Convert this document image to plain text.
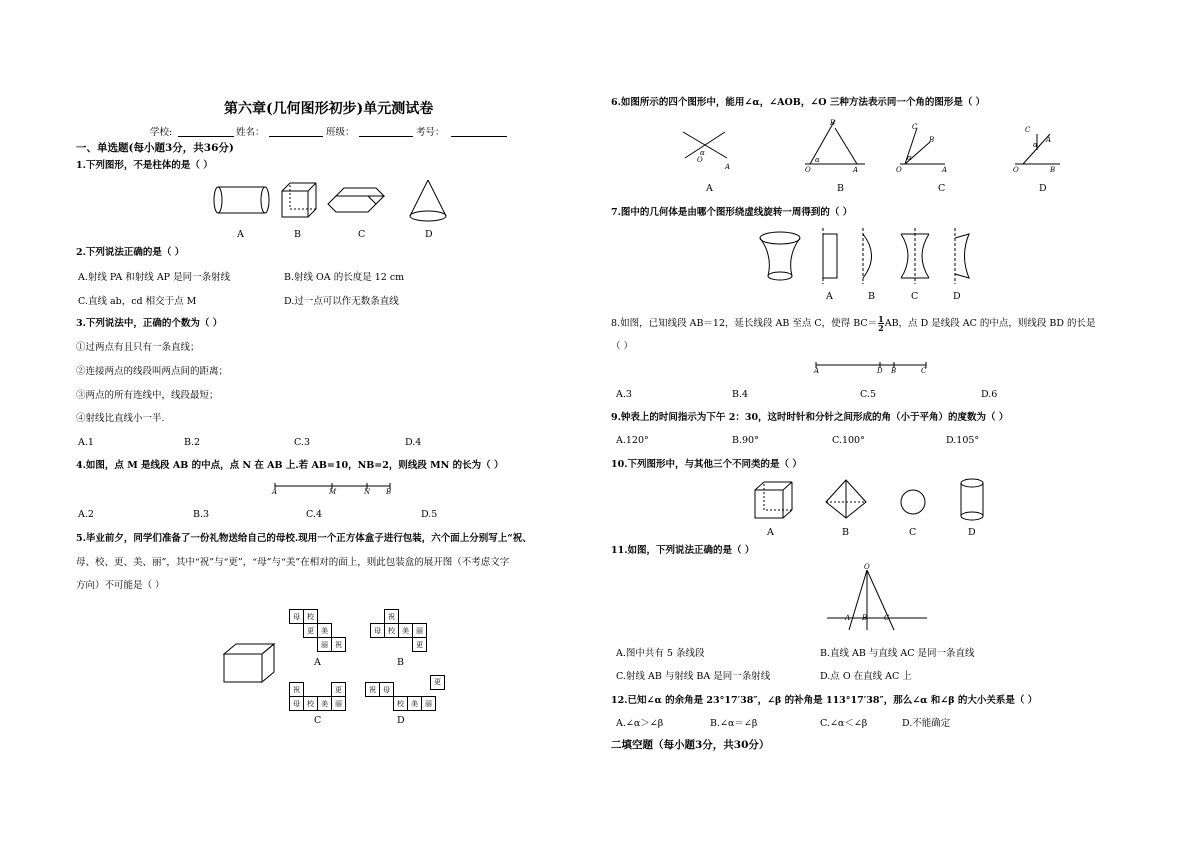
第六章(几何图形初步)单元测试卷
学校:	姓名：	班级：	考号：
一、单选题(每小题3分，共36分)
1.下列图形，不是柱体的是（ ）
A	B	C	D
2.下列说法正确的是（ ）
A.射线 PA 和射线 AP 是同一条射线	B.射线 OA 的长度是 12 cm
C.直线 ab，cd 相交于点 M	D.过一点可以作无数条直线
3.下列说法中，正确的个数为（ ）
①过两点有且只有一条直线；
②连接两点的线段叫两点间的距离；
③两点的所有连线中，线段最短；
④射线比直线小一半.
A.1	B.2	C.3	D.4
4.如图，点 M 是线段 AB 的中点，点 N 在 AB 上.若 AB=10，NB=2，则线段 MN 的长为（ ）
A	M	N B
A.2	B.3	C.4	D.5
5.毕业前夕，同学们准备了一份礼物送给自己的母校.现用一个正方体盒子进行包装，六个面上分别写上“祝、
母、校、更、美、丽”，其中“祝”与“更”，“母”与“美”在相对的面上，则此包装盒的展开图（不考虑文字
方向）不可能是（ ）
母	校		
	更	美	
		丽	祝
A
	祝		
母	校	美	丽
			更
B
祝			更
母	校	美	丽
C
祝	母			
		校	美	丽
更
D
6.如图所示的四个图形中，能用∠α，∠AOB，∠O 三种方法表示同一个角的图形是（ ）
α
O
A
B
α
O	A
C
B
α
O	A
C
A
α
O	B
A	B	C	D
7.图中的几何体是由哪个图形绕虚线旋转一周得到的（ ）
A	B	C	D
8.如图，已知线段 AB＝12，延长线段 AB 至点 C，使得 $BC= \frac{1}{2}$ AB，点 D 是线段 AC 的中点，则线段 BD 的长是
（ ）
A	D B	C
A.3	B.4	C.5	D.6
9.钟表上的时间指示为下午 2：30，这时时针和分针之间形成的角（小于平角）的度数为（ ）
A.120°	B.90°	C.100°	D.105°
10.下列图形中，与其他三个不同类的是（ ）
A	B	C	D
11.如图，下列说法正确的是（ ）
O
A B C
A.图中共有 5 条线段	B.直线 AB 与直线 AC 是同一条直线
C.射线 AB 与射线 BA 是同一条射线	D.点 O 在直线 AC 上
12.已知∠α 的余角是 23°17′38″，∠β 的补角是 113°17′38″，那么∠α 和∠β 的大小关系是（ ）
A.∠α＞∠β	B.∠α＝∠β	C.∠α＜∠β	D.不能确定
二填空题（每小题3分，共30分）
